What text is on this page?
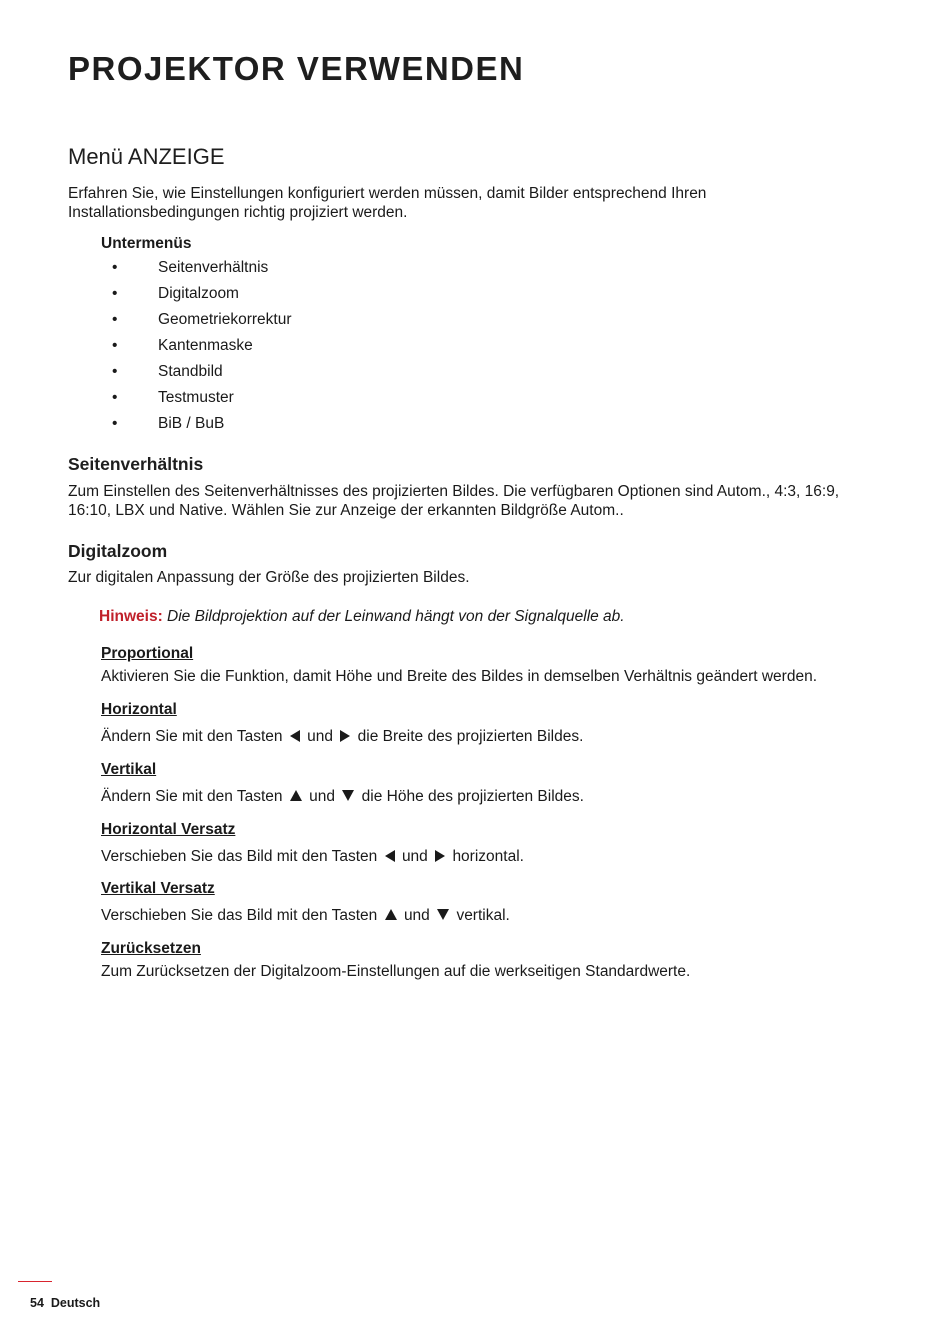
PROJEKTOR VERWENDEN
Menü ANZEIGE
Erfahren Sie, wie Einstellungen konfiguriert werden müssen, damit Bilder entsprechend Ihren
Installationsbedingungen richtig projiziert werden.
Untermenüs
•	Seitenverhältnis
•	Digitalzoom
•	Geometriekorrektur
•	Kantenmaske
•	Standbild
•	Testmuster
•	BiB / BuB
Seitenverhältnis
Zum Einstellen des Seitenverhältnisses des projizierten Bildes. Die verfügbaren Optionen sind Autom., 4:3, 16:9,
16:10, LBX und Native. Wählen Sie zur Anzeige der erkannten Bildgröße Autom..
Digitalzoom
Zur digitalen Anpassung der Größe des projizierten Bildes.
Hinweis: Die Bildprojektion auf der Leinwand hängt von der Signalquelle ab.
Proportional
Aktivieren Sie die Funktion, damit Höhe und Breite des Bildes in demselben Verhältnis geändert werden.
Horizontal
Ändern Sie mit den Tasten und die Breite des projizierten Bildes.
Vertikal
Ändern Sie mit den Tasten und die Höhe des projizierten Bildes.
Horizontal Versatz
Verschieben Sie das Bild mit den Tasten und horizontal.
Vertikal Versatz
Verschieben Sie das Bild mit den Tasten und vertikal.
Zurücksetzen
Zum Zurücksetzen der Digitalzoom-Einstellungen auf die werkseitigen Standardwerte.
54 Deutsch
